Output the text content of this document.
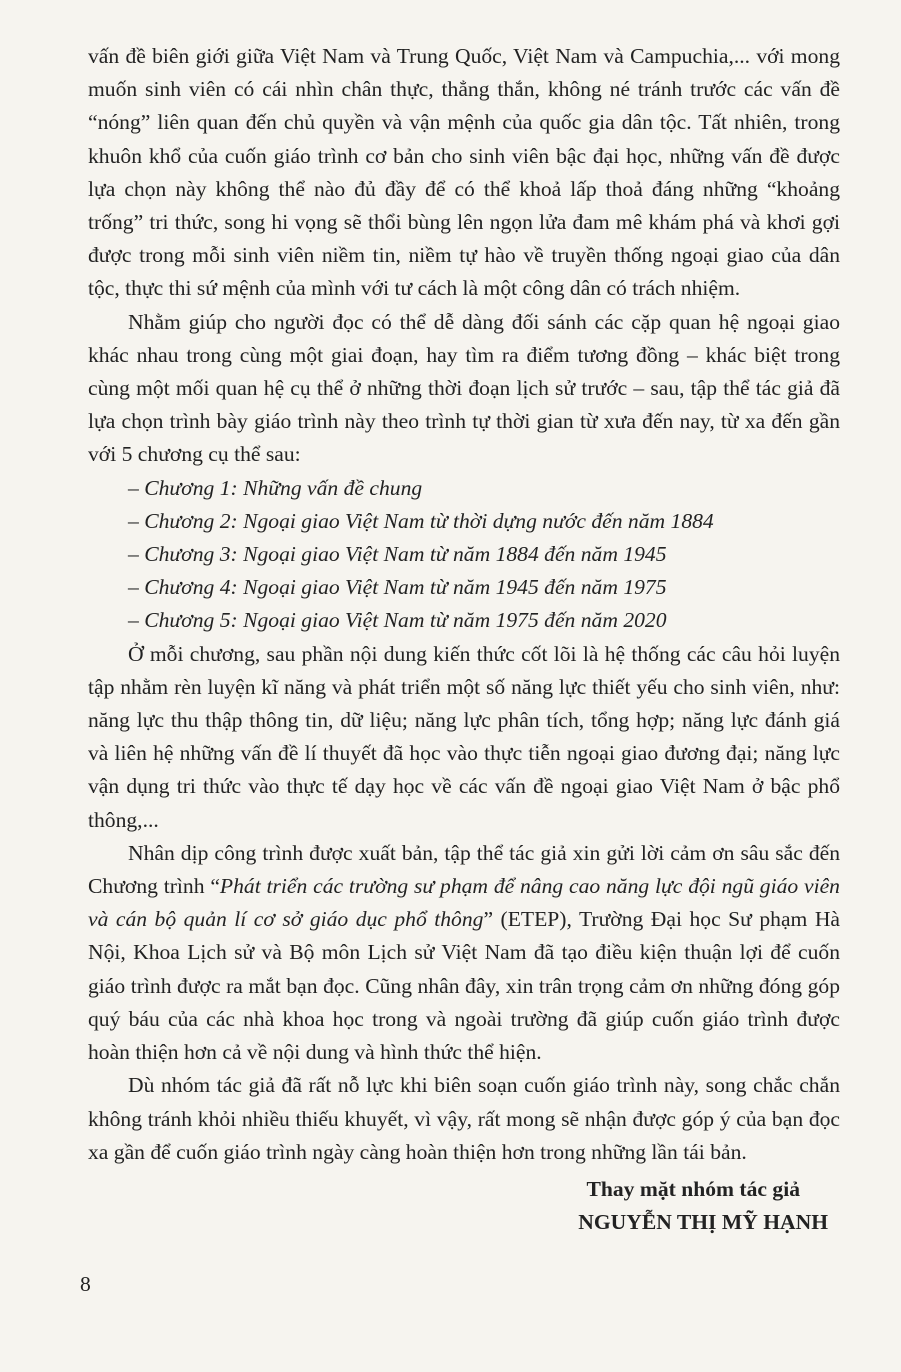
vấn đề biên giới giữa Việt Nam và Trung Quốc, Việt Nam và Campuchia,... với mong muốn sinh viên có cái nhìn chân thực, thẳng thắn, không né tránh trước các vấn đề “nóng” liên quan đến chủ quyền và vận mệnh của quốc gia dân tộc. Tất nhiên, trong khuôn khổ của cuốn giáo trình cơ bản cho sinh viên bậc đại học, những vấn đề được lựa chọn này không thể nào đủ đầy để có thể khoả lấp thoả đáng những “khoảng trống” tri thức, song hi vọng sẽ thổi bùng lên ngọn lửa đam mê khám phá và khơi gợi được trong mỗi sinh viên niềm tin, niềm tự hào về truyền thống ngoại giao của dân tộc, thực thi sứ mệnh của mình với tư cách là một công dân có trách nhiệm.

Nhằm giúp cho người đọc có thể dễ dàng đối sánh các cặp quan hệ ngoại giao khác nhau trong cùng một giai đoạn, hay tìm ra điểm tương đồng – khác biệt trong cùng một mối quan hệ cụ thể ở những thời đoạn lịch sử trước – sau, tập thể tác giả đã lựa chọn trình bày giáo trình này theo trình tự thời gian từ xưa đến nay, từ xa đến gần với 5 chương cụ thể sau:

– Chương 1: Những vấn đề chung
– Chương 2: Ngoại giao Việt Nam từ thời dựng nước đến năm 1884
– Chương 3: Ngoại giao Việt Nam từ năm 1884 đến năm 1945
– Chương 4: Ngoại giao Việt Nam từ năm 1945 đến năm 1975
– Chương 5: Ngoại giao Việt Nam từ năm 1975 đến năm 2020

Ở mỗi chương, sau phần nội dung kiến thức cốt lõi là hệ thống các câu hỏi luyện tập nhằm rèn luyện kĩ năng và phát triển một số năng lực thiết yếu cho sinh viên, như: năng lực thu thập thông tin, dữ liệu; năng lực phân tích, tổng hợp; năng lực đánh giá và liên hệ những vấn đề lí thuyết đã học vào thực tiễn ngoại giao đương đại; năng lực vận dụng tri thức vào thực tế dạy học về các vấn đề ngoại giao Việt Nam ở bậc phổ thông,...

Nhân dịp công trình được xuất bản, tập thể tác giả xin gửi lời cảm ơn sâu sắc đến Chương trình “Phát triển các trường sư phạm để nâng cao năng lực đội ngũ giáo viên và cán bộ quản lí cơ sở giáo dục phổ thông” (ETEP), Trường Đại học Sư phạm Hà Nội, Khoa Lịch sử và Bộ môn Lịch sử Việt Nam đã tạo điều kiện thuận lợi để cuốn giáo trình được ra mắt bạn đọc. Cũng nhân đây, xin trân trọng cảm ơn những đóng góp quý báu của các nhà khoa học trong và ngoài trường đã giúp cuốn giáo trình được hoàn thiện hơn cả về nội dung và hình thức thể hiện.

Dù nhóm tác giả đã rất nỗ lực khi biên soạn cuốn giáo trình này, song chắc chắn không tránh khỏi nhiều thiếu khuyết, vì vậy, rất mong sẽ nhận được góp ý của bạn đọc xa gần để cuốn giáo trình ngày càng hoàn thiện hơn trong những lần tái bản.

Thay mặt nhóm tác giả
NGUYỄN THỊ MỸ HẠNH
8
